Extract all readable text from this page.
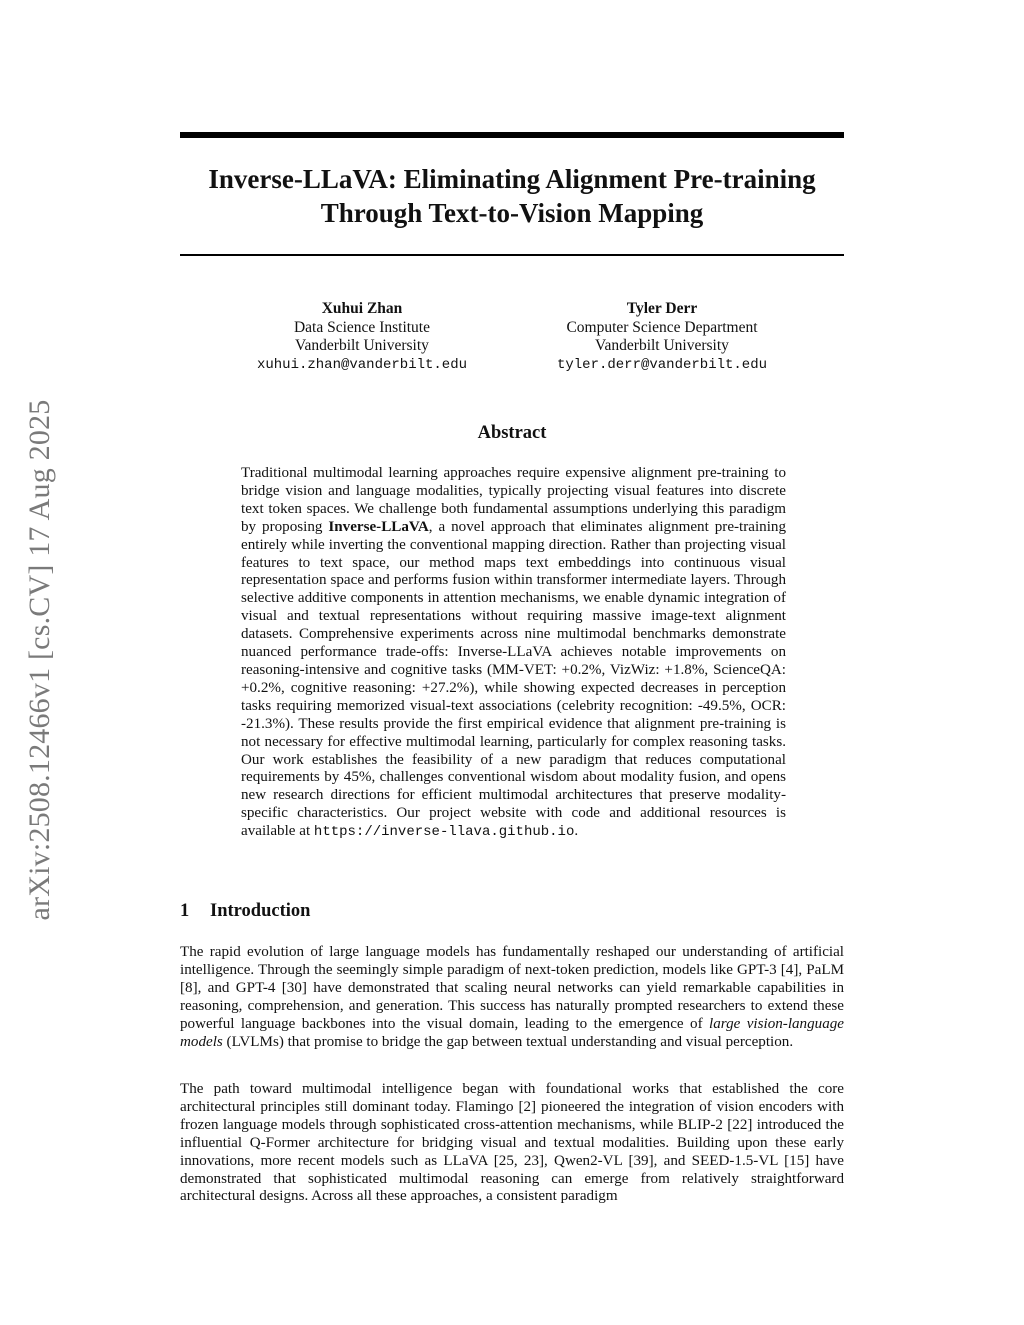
arXiv:2508.12466v1 [cs.CV] 17 Aug 2025
Inverse-LLaVA: Eliminating Alignment Pre-training
Through Text-to-Vision Mapping
Xuhui Zhan
Data Science Institute
Vanderbilt University
xuhui.zhan@vanderbilt.edu
Tyler Derr
Computer Science Department
Vanderbilt University
tyler.derr@vanderbilt.edu
Abstract

Traditional multimodal learning approaches require expensive alignment pre-training to bridge vision and language modalities, typically projecting visual features into discrete text token spaces. We challenge both fundamental assumptions underlying this paradigm by proposing Inverse-LLaVA, a novel approach that eliminates alignment pre-training entirely while inverting the conventional mapping direction. Rather than projecting visual features to text space, our method maps text embeddings into continuous visual representation space and performs fusion within transformer intermediate layers. Through selective additive components in attention mechanisms, we enable dynamic integration of visual and textual representations without requiring massive image-text alignment datasets. Comprehensive experiments across nine multimodal benchmarks demonstrate nuanced performance trade-offs: Inverse-LLaVA achieves notable improvements on reasoning-intensive and cognitive tasks (MM-VET: +0.2%, VizWiz: +1.8%, ScienceQA: +0.2%, cognitive reasoning: +27.2%), while showing expected decreases in perception tasks requiring memorized visual-text associations (celebrity recognition: -49.5%, OCR: -21.3%). These results provide the first empirical evidence that alignment pre-training is not necessary for effective multimodal learning, particularly for complex reasoning tasks. Our work establishes the feasibility of a new paradigm that reduces computational requirements by 45%, challenges conventional wisdom about modality fusion, and opens new research directions for efficient multimodal architectures that preserve modality-specific characteristics. Our project website with code and additional resources is available at https://inverse-llava.github.io.

1 Introduction

The rapid evolution of large language models has fundamentally reshaped our understanding of artificial intelligence. Through the seemingly simple paradigm of next-token prediction, models like GPT-3 [4], PaLM [8], and GPT-4 [30] have demonstrated that scaling neural networks can yield remarkable capabilities in reasoning, comprehension, and generation. This success has naturally prompted researchers to extend these powerful language backbones into the visual domain, leading to the emergence of large vision-language models (LVLMs) that promise to bridge the gap between textual understanding and visual perception.

The path toward multimodal intelligence began with foundational works that established the core architectural principles still dominant today. Flamingo [2] pioneered the integration of vision encoders with frozen language models through sophisticated cross-attention mechanisms, while BLIP-2 [22] introduced the influential Q-Former architecture for bridging visual and textual modalities. Building upon these early innovations, more recent models such as LLaVA [25, 23], Qwen2-VL [39], and SEED-1.5-VL [15] have demonstrated that sophisticated multimodal reasoning can emerge from relatively straightforward architectural designs. Across all these approaches, a consistent paradigm
